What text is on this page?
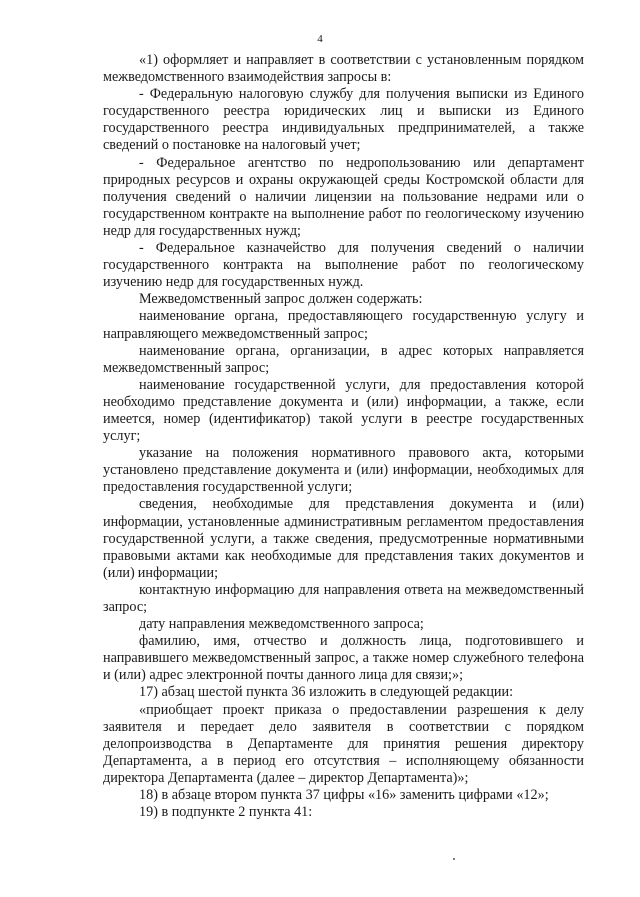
4

«1) оформляет и направляет в соответствии с установленным порядком межведомственного взаимодействия запросы в:

- Федеральную налоговую службу для получения выписки из Единого государственного реестра юридических лиц и выписки из Единого государственного реестра индивидуальных предпринимателей, а также сведений о постановке на налоговый учет;

- Федеральное агентство по недропользованию или департамент природных ресурсов и охраны окружающей среды Костромской области для получения сведений о наличии лицензии на пользование недрами или о государственном контракте на выполнение работ по геологическому изучению недр для государственных нужд;

- Федеральное казначейство для получения сведений о наличии государственного контракта на выполнение работ по геологическому изучению недр для государственных нужд.

Межведомственный запрос должен содержать:

наименование органа, предоставляющего государственную услугу и направляющего межведомственный запрос;

наименование органа, организации, в адрес которых направляется межведомственный запрос;

наименование государственной услуги, для предоставления которой необходимо представление документа и (или) информации, а также, если имеется, номер (идентификатор) такой услуги в реестре государственных услуг;

указание на положения нормативного правового акта, которыми установлено представление документа и (или) информации, необходимых для предоставления государственной услуги;

сведения, необходимые для представления документа и (или) информации, установленные административным регламентом предоставления государственной услуги, а также сведения, предусмотренные нормативными правовыми актами как необходимые для представления таких документов и (или) информации;

контактную информацию для направления ответа на межведомственный запрос;

дату направления межведомственного запроса;

фамилию, имя, отчество и должность лица, подготовившего и направившего межведомственный запрос, а также номер служебного телефона и (или) адрес электронной почты данного лица для связи;»;

17) абзац шестой пункта 36 изложить в следующей редакции:

«приобщает проект приказа о предоставлении разрешения к делу заявителя и передает дело заявителя в соответствии с порядком делопроизводства в Департаменте для принятия решения директору Департамента, а в период его отсутствия – исполняющему обязанности директора Департамента (далее – директор Департамента)»;

18) в абзаце втором пункта 37 цифры «16» заменить цифрами «12»;

19) в подпункте 2 пункта 41:
